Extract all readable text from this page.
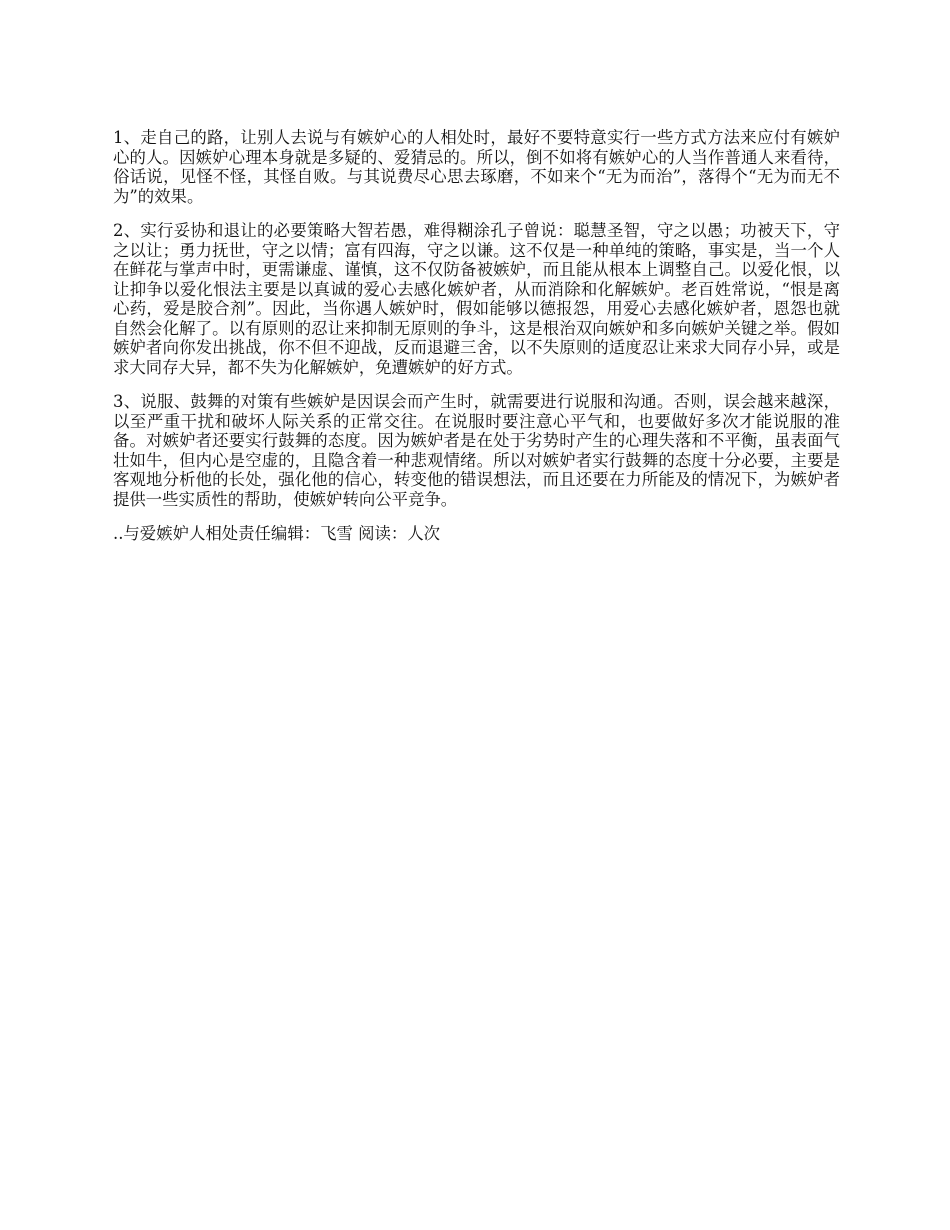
1、走自己的路，让别人去说与有嫉妒心的人相处时，最好不要特意实行一些方式方法来应付有嫉妒心的人。因嫉妒心理本身就是多疑的、爱猜忌的。所以，倒不如将有嫉妒心的人当作普通人来看待，俗话说，见怪不怪，其怪自败。与其说费尽心思去琢磨，不如来个“无为而治”，落得个“无为而无不为”的效果。

2、实行妥协和退让的必要策略大智若愚，难得糊涂孔子曾说：聪慧圣智，守之以愚；功被天下，守之以让；勇力抚世，守之以情；富有四海，守之以谦。这不仅是一种单纯的策略，事实是，当一个人在鲜花与掌声中时，更需谦虚、谨慎，这不仅防备被嫉妒，而且能从根本上调整自己。以爱化恨，以让抑争以爱化恨法主要是以真诚的爱心去感化嫉妒者，从而消除和化解嫉妒。老百姓常说，“恨是离心药，爱是胶合剂”。因此，当你遇人嫉妒时，假如能够以德报怨，用爱心去感化嫉妒者，恩怨也就自然会化解了。以有原则的忍让来抑制无原则的争斗，这是根治双向嫉妒和多向嫉妒关键之举。假如嫉妒者向你发出挑战，你不但不迎战，反而退避三舍，以不失原则的适度忍让来求大同存小异，或是求大同存大异，都不失为化解嫉妒，免遭嫉妒的好方式。

3、说服、鼓舞的对策有些嫉妒是因误会而产生时，就需要进行说服和沟通。否则，误会越来越深，以至严重干扰和破坏人际关系的正常交往。在说服时要注意心平气和，也要做好多次才能说服的准备。对嫉妒者还要实行鼓舞的态度。因为嫉妒者是在处于劣势时产生的心理失落和不平衡，虽表面气壮如牛，但内心是空虚的，且隐含着一种悲观情绪。所以对嫉妒者实行鼓舞的态度十分必要，主要是客观地分析他的长处，强化他的信心，转变他的错误想法，而且还要在力所能及的情况下，为嫉妒者提供一些实质性的帮助，使嫉妒转向公平竞争。

..与爱嫉妒人相处责任编辑：飞雪 阅读：人次
